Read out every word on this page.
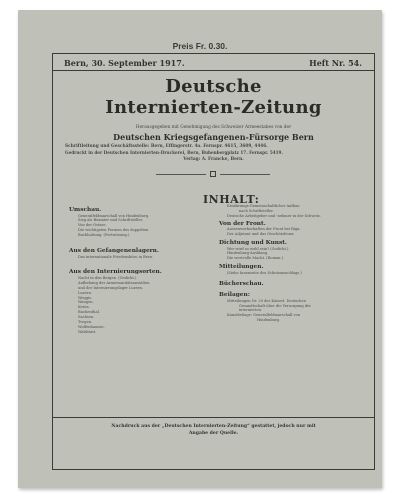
Preis Fr. 0.30.
Bern, 30. September 1917.	Heft Nr. 54.
Deutsche
Internierten-Zeitung
Herausgegeben mit Genehmigung des Schweizer Armeestabes von der
Deutschen Kriegsgefangenen-Fürsorge Bern
Schriftleitung und Geschäftsstelle: Bern, Effingerstr. 4a. Fernspr. 4615, 3609, 4446.
Gedruckt in der Deutschen Internierten-Druckerei, Bern, Bubenbergplatz 17. Fernspr. 5419.
Verlag: A. Francke, Bern.
INHALT:
Umschau.
Generalfeldmarschall von Hindenburg.
Sieg als Beamter und Schriftsteller.
Von der Ostsee.
Die wichtigsten Formen des doppelten
Buchhaltung. (Fortsetzung.)
Aus den Gefangenenlagern.
Das internationale Friedensbüro in Bern.
Aus den Internierungsorten.
Nacht in den Bergen. (Gedicht.)
Aufhebung der Armeesanitätsanstalten
und der Internierungslager Luzern.
Luzern.
Weggis.
Wangen.
Kerns.
Buchenthal.
Sachsen.
Trogen.
Wolfenhausen.
Waldstatt.
Ernährungs-Gemeinschaftlicher Aufbau
nach Schriftsteller.
Deutsche Arbeitgeber und -nehmer in der Schweiz.
Von der Front.
Aussenwerkschaften der Front bei Riga.
Der Adjutant und das Geschützfeuer.
Dichtung und Kunst.
Wer wird so wohl sein? (Gedicht.)
Hindenburg-Ausklang.
Die wertvolle Macht. (Roman.)
Mitteilungen.
(Siehe Innenseite des Schutzumschlags.)
Bücherschau.
Beilagen:
Mitteilungen Nr. 20 der Kaiserl. Deutschen
Gesandtschaft über die Versorgung der
internierten.
Kunstbeilage: Generalfeldmarschall von
Hindenburg.
Nachdruck aus der „Deutschen Internierten-Zeitung“ gestattet, jedoch nur mit
Angabe der Quelle.
